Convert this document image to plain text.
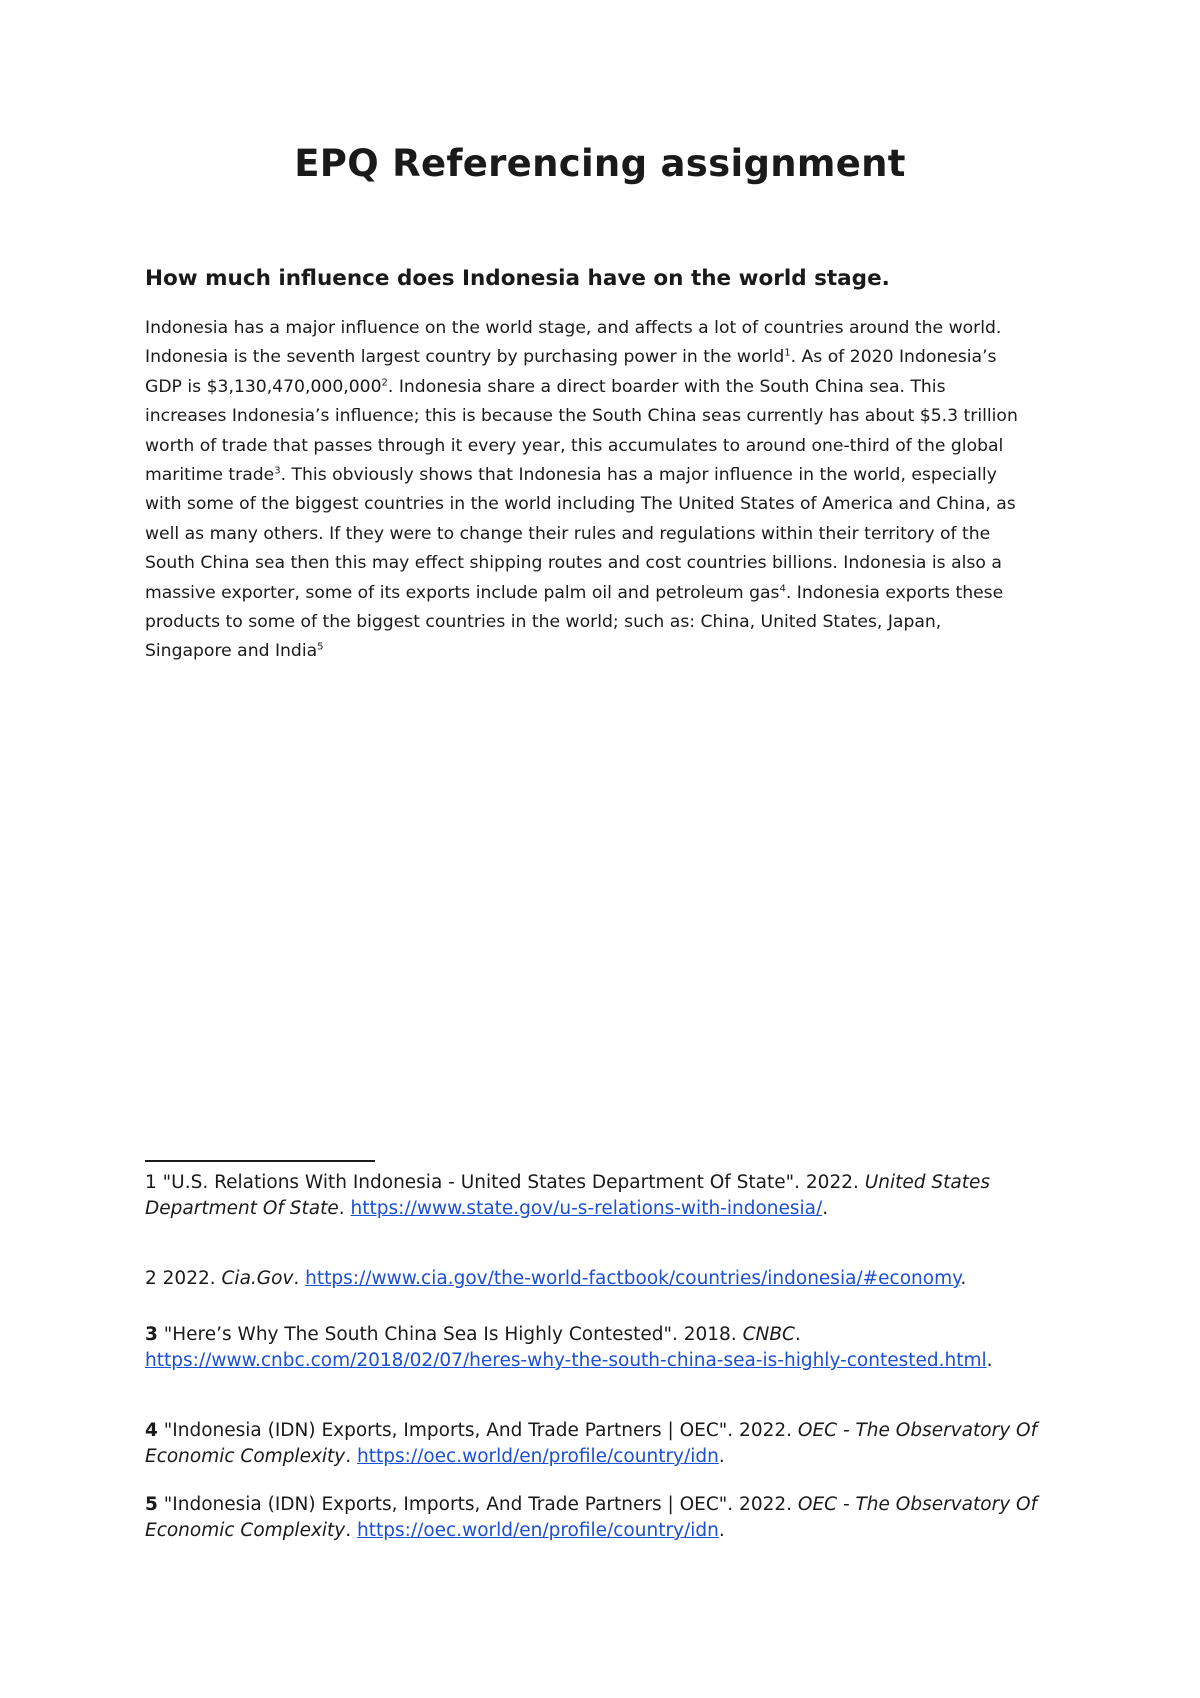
EPQ Referencing assignment
How much influence does Indonesia have on the world stage.
Indonesia has a major influence on the world stage, and affects a lot of countries around the world.
Indonesia is the seventh largest country by purchasing power in the world$^1$. As of 2020 Indonesia’s
GDP is $3,130,470,000,000$^2$. Indonesia share a direct boarder with the South China sea. This
increases Indonesia’s influence; this is because the South China seas currently has about $5.3 trillion
worth of trade that passes through it every year, this accumulates to around one-third of the global
maritime trade$^3$. This obviously shows that Indonesia has a major influence in the world, especially
with some of the biggest countries in the world including The United States of America and China, as
well as many others. If they were to change their rules and regulations within their territory of the
South China sea then this may effect shipping routes and cost countries billions. Indonesia is also a
massive exporter, some of its exports include palm oil and petroleum gas$^4$. Indonesia exports these
products to some of the biggest countries in the world; such as: China, United States, Japan,
Singapore and India$^5$

1 "U.S. Relations With Indonesia - United States Department Of State". 2022. United States Department Of State. https://www.state.gov/u-s-relations-with-indonesia/.

2 2022. Cia.Gov. https://www.cia.gov/the-world-factbook/countries/indonesia/#economy.

3 "Here’s Why The South China Sea Is Highly Contested". 2018. CNBC.
https://www.cnbc.com/2018/02/07/heres-why-the-south-china-sea-is-highly-contested.html.

4 "Indonesia (IDN) Exports, Imports, And Trade Partners | OEC". 2022. OEC - The Observatory Of Economic Complexity. https://oec.world/en/profile/country/idn.

5 "Indonesia (IDN) Exports, Imports, And Trade Partners | OEC". 2022. OEC - The Observatory Of Economic Complexity. https://oec.world/en/profile/country/idn.
